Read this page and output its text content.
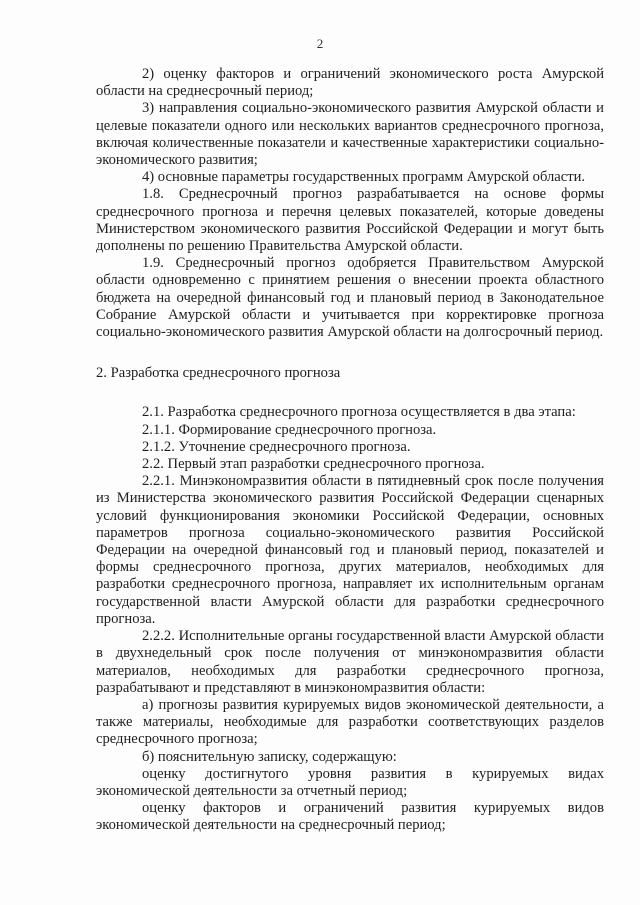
2

2) оценку факторов и ограничений экономического роста Амурской области на среднесрочный период;

3) направления социально-экономического развития Амурской области и целевые показатели одного или нескольких вариантов среднесрочного прогноза, включая количественные показатели и качественные характеристики социально-экономического развития;

4) основные параметры государственных программ Амурской области.

1.8. Среднесрочный прогноз разрабатывается на основе формы среднесрочного прогноза и перечня целевых показателей, которые доведены Министерством экономического развития Российской Федерации и могут быть дополнены по решению Правительства Амурской области.

1.9. Среднесрочный прогноз одобряется Правительством Амурской области одновременно с принятием решения о внесении проекта областного бюджета на очередной финансовый год и плановый период в Законодательное Собрание Амурской области и учитывается при корректировке прогноза социально-экономического развития Амурской области на долгосрочный период.

2. Разработка среднесрочного прогноза

2.1. Разработка среднесрочного прогноза осуществляется в два этапа:

2.1.1. Формирование среднесрочного прогноза.

2.1.2. Уточнение среднесрочного прогноза.

2.2. Первый этап разработки среднесрочного прогноза.

2.2.1. Минэкономразвития области в пятидневный срок после получения из Министерства экономического развития Российской Федерации сценарных условий функционирования экономики Российской Федерации, основных параметров прогноза социально-экономического развития Российской Федерации на очередной финансовый год и плановый период, показателей и формы среднесрочного прогноза, других материалов, необходимых для разработки среднесрочного прогноза, направляет их исполнительным органам государственной власти Амурской области для разработки среднесрочного прогноза.

2.2.2. Исполнительные органы государственной власти Амурской области в двухнедельный срок после получения от минэкономразвития области материалов, необходимых для разработки среднесрочного прогноза, разрабатывают и представляют в минэкономразвития области:

а) прогнозы развития курируемых видов экономической деятельности, а также материалы, необходимые для разработки соответствующих разделов среднесрочного прогноза;

б) пояснительную записку, содержащую:

оценку достигнутого уровня развития в курируемых видах экономической деятельности за отчетный период;

оценку факторов и ограничений развития курируемых видов экономической деятельности на среднесрочный период;
